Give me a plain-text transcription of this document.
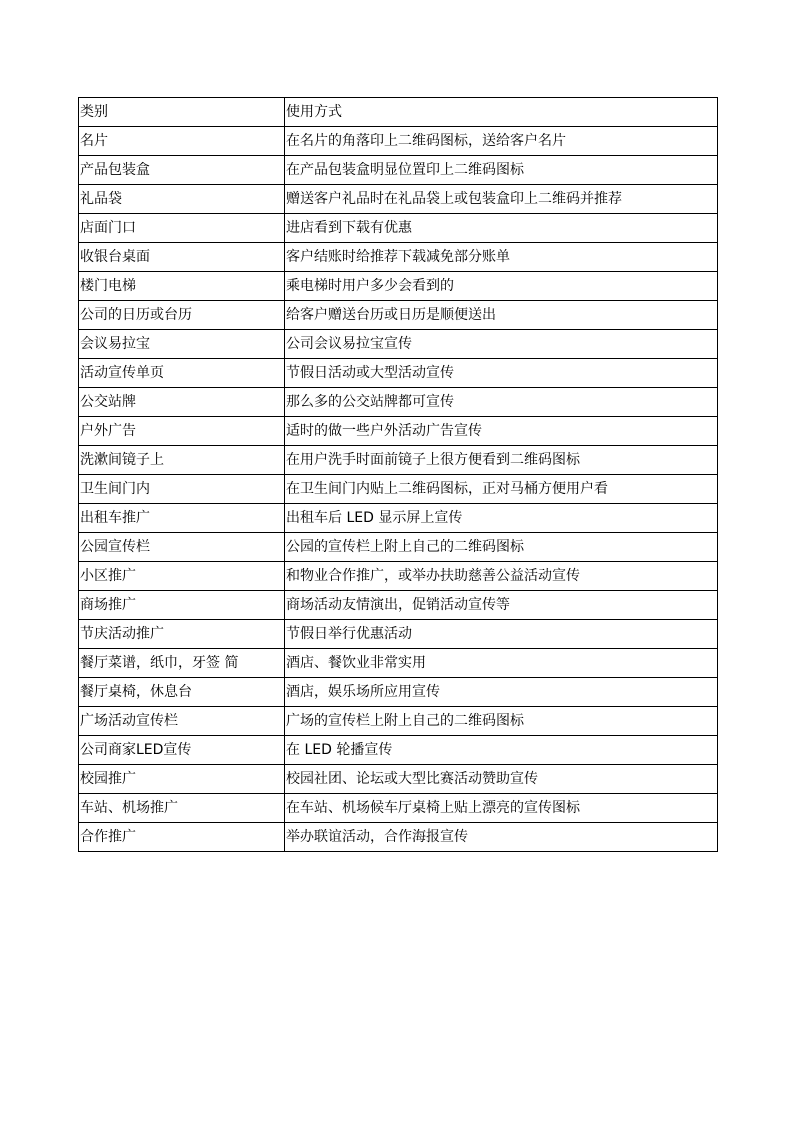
类别	使用方式
名片	在名片的角落印上二维码图标，送给客户名片
产品包装盒	在产品包装盒明显位置印上二维码图标
礼品袋	赠送客户礼品时在礼品袋上或包装盒印上二维码并推荐
店面门口	进店看到下载有优惠
收银台桌面	客户结账时给推荐下载减免部分账单
楼门电梯	乘电梯时用户多少会看到的
公司的日历或台历	给客户赠送台历或日历是顺便送出
会议易拉宝	公司会议易拉宝宣传
活动宣传单页	节假日活动或大型活动宣传
公交站牌	那么多的公交站牌都可宣传
户外广告	适时的做一些户外活动广告宣传
洗漱间镜子上	在用户洗手时面前镜子上很方便看到二维码图标
卫生间门内	在卫生间门内贴上二维码图标，正对马桶方便用户看
出租车推广	出租车后 LED 显示屏上宣传
公园宣传栏	公园的宣传栏上附上自己的二维码图标
小区推广	和物业合作推广，或举办扶助慈善公益活动宣传
商场推广	商场活动友情演出，促销活动宣传等
节庆活动推广	节假日举行优惠活动
餐厅菜谱，纸巾，牙签 简	酒店、餐饮业非常实用
餐厅桌椅，休息台	酒店，娱乐场所应用宣传
广场活动宣传栏	广场的宣传栏上附上自己的二维码图标
公司商家LED宣传	在 LED 轮播宣传
校园推广	校园社团、论坛或大型比赛活动赞助宣传
车站、机场推广	在车站、机场候车厅桌椅上贴上漂亮的宣传图标
合作推广	举办联谊活动，合作海报宣传
